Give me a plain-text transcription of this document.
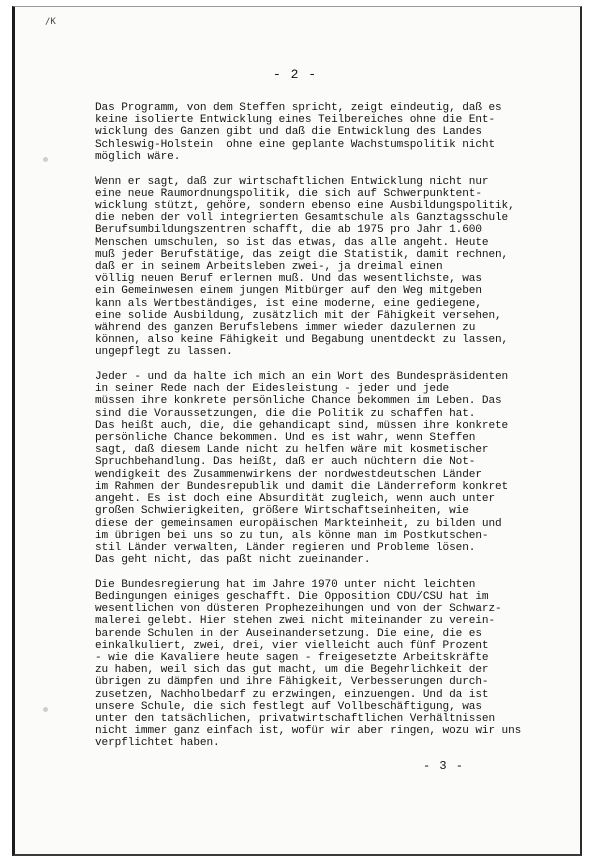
/K
- 2 -
Das Programm, von dem Steffen spricht, zeigt eindeutig, daß es
keine isolierte Entwicklung eines Teilbereiches ohne die Ent-
wicklung des Ganzen gibt und daß die Entwicklung des Landes
Schleswig-Holstein  ohne eine geplante Wachstumspolitik nicht
möglich wäre.
Wenn er sagt, daß zur wirtschaftlichen Entwicklung nicht nur
eine neue Raumordnungspolitik, die sich auf Schwerpunktent-
wicklung stützt, gehöre, sondern ebenso eine Ausbildungspolitik,
die neben der voll integrierten Gesamtschule als Ganztagsschule
Berufsumbildungszentren schafft, die ab 1975 pro Jahr 1.600
Menschen umschulen, so ist das etwas, das alle angeht. Heute
muß jeder Berufstätige, das zeigt die Statistik, damit rechnen,
daß er in seinem Arbeitsleben zwei-, ja dreimal einen
völlig neuen Beruf erlernen muß. Und das wesentlichste, was
ein Gemeinwesen einem jungen Mitbürger auf den Weg mitgeben
kann als Wertbeständiges, ist eine moderne, eine gediegene,
eine solide Ausbildung, zusätzlich mit der Fähigkeit versehen,
während des ganzen Berufslebens immer wieder dazulernen zu
können, also keine Fähigkeit und Begabung unentdeckt zu lassen,
ungepflegt zu lassen.
Jeder - und da halte ich mich an ein Wort des Bundespräsidenten
in seiner Rede nach der Eidesleistung - jeder und jede
müssen ihre konkrete persönliche Chance bekommen im Leben. Das
sind die Voraussetzungen, die die Politik zu schaffen hat.
Das heißt auch, die, die gehandicapt sind, müssen ihre konkrete
persönliche Chance bekommen. Und es ist wahr, wenn Steffen
sagt, daß diesem Lande nicht zu helfen wäre mit kosmetischer
Spruchbehandlung. Das heißt, daß er auch nüchtern die Not-
wendigkeit des Zusammenwirkens der nordwestdeutschen Länder
im Rahmen der Bundesrepublik und damit die Länderreform konkret
angeht. Es ist doch eine Absurdität zugleich, wenn auch unter
großen Schwierigkeiten, größere Wirtschaftseinheiten, wie
diese der gemeinsamen europäischen Markteinheit, zu bilden und
im übrigen bei uns so zu tun, als könne man im Postkutschen-
stil Länder verwalten, Länder regieren und Probleme lösen.
Das geht nicht, das paßt nicht zueinander.
Die Bundesregierung hat im Jahre 1970 unter nicht leichten
Bedingungen einiges geschafft. Die Opposition CDU/CSU hat im
wesentlichen von düsteren Prophezeihungen und von der Schwarz-
malerei gelebt. Hier stehen zwei nicht miteinander zu verein-
barende Schulen in der Auseinandersetzung. Die eine, die es
einkalkuliert, zwei, drei, vier vielleicht auch fünf Prozent
- wie die Kavaliere heute sagen - freigesetzte Arbeitskräfte
zu haben, weil sich das gut macht, um die Begehrlichkeit der
übrigen zu dämpfen und ihre Fähigkeit, Verbesserungen durch-
zusetzen, Nachholbedarf zu erzwingen, einzuengen. Und da ist
unsere Schule, die sich festlegt auf Vollbeschäftigung, was
unter den tatsächlichen, privatwirtschaftlichen Verhältnissen
nicht immer ganz einfach ist, wofür wir aber ringen, wozu wir uns
verpflichtet haben.
- 3 -
